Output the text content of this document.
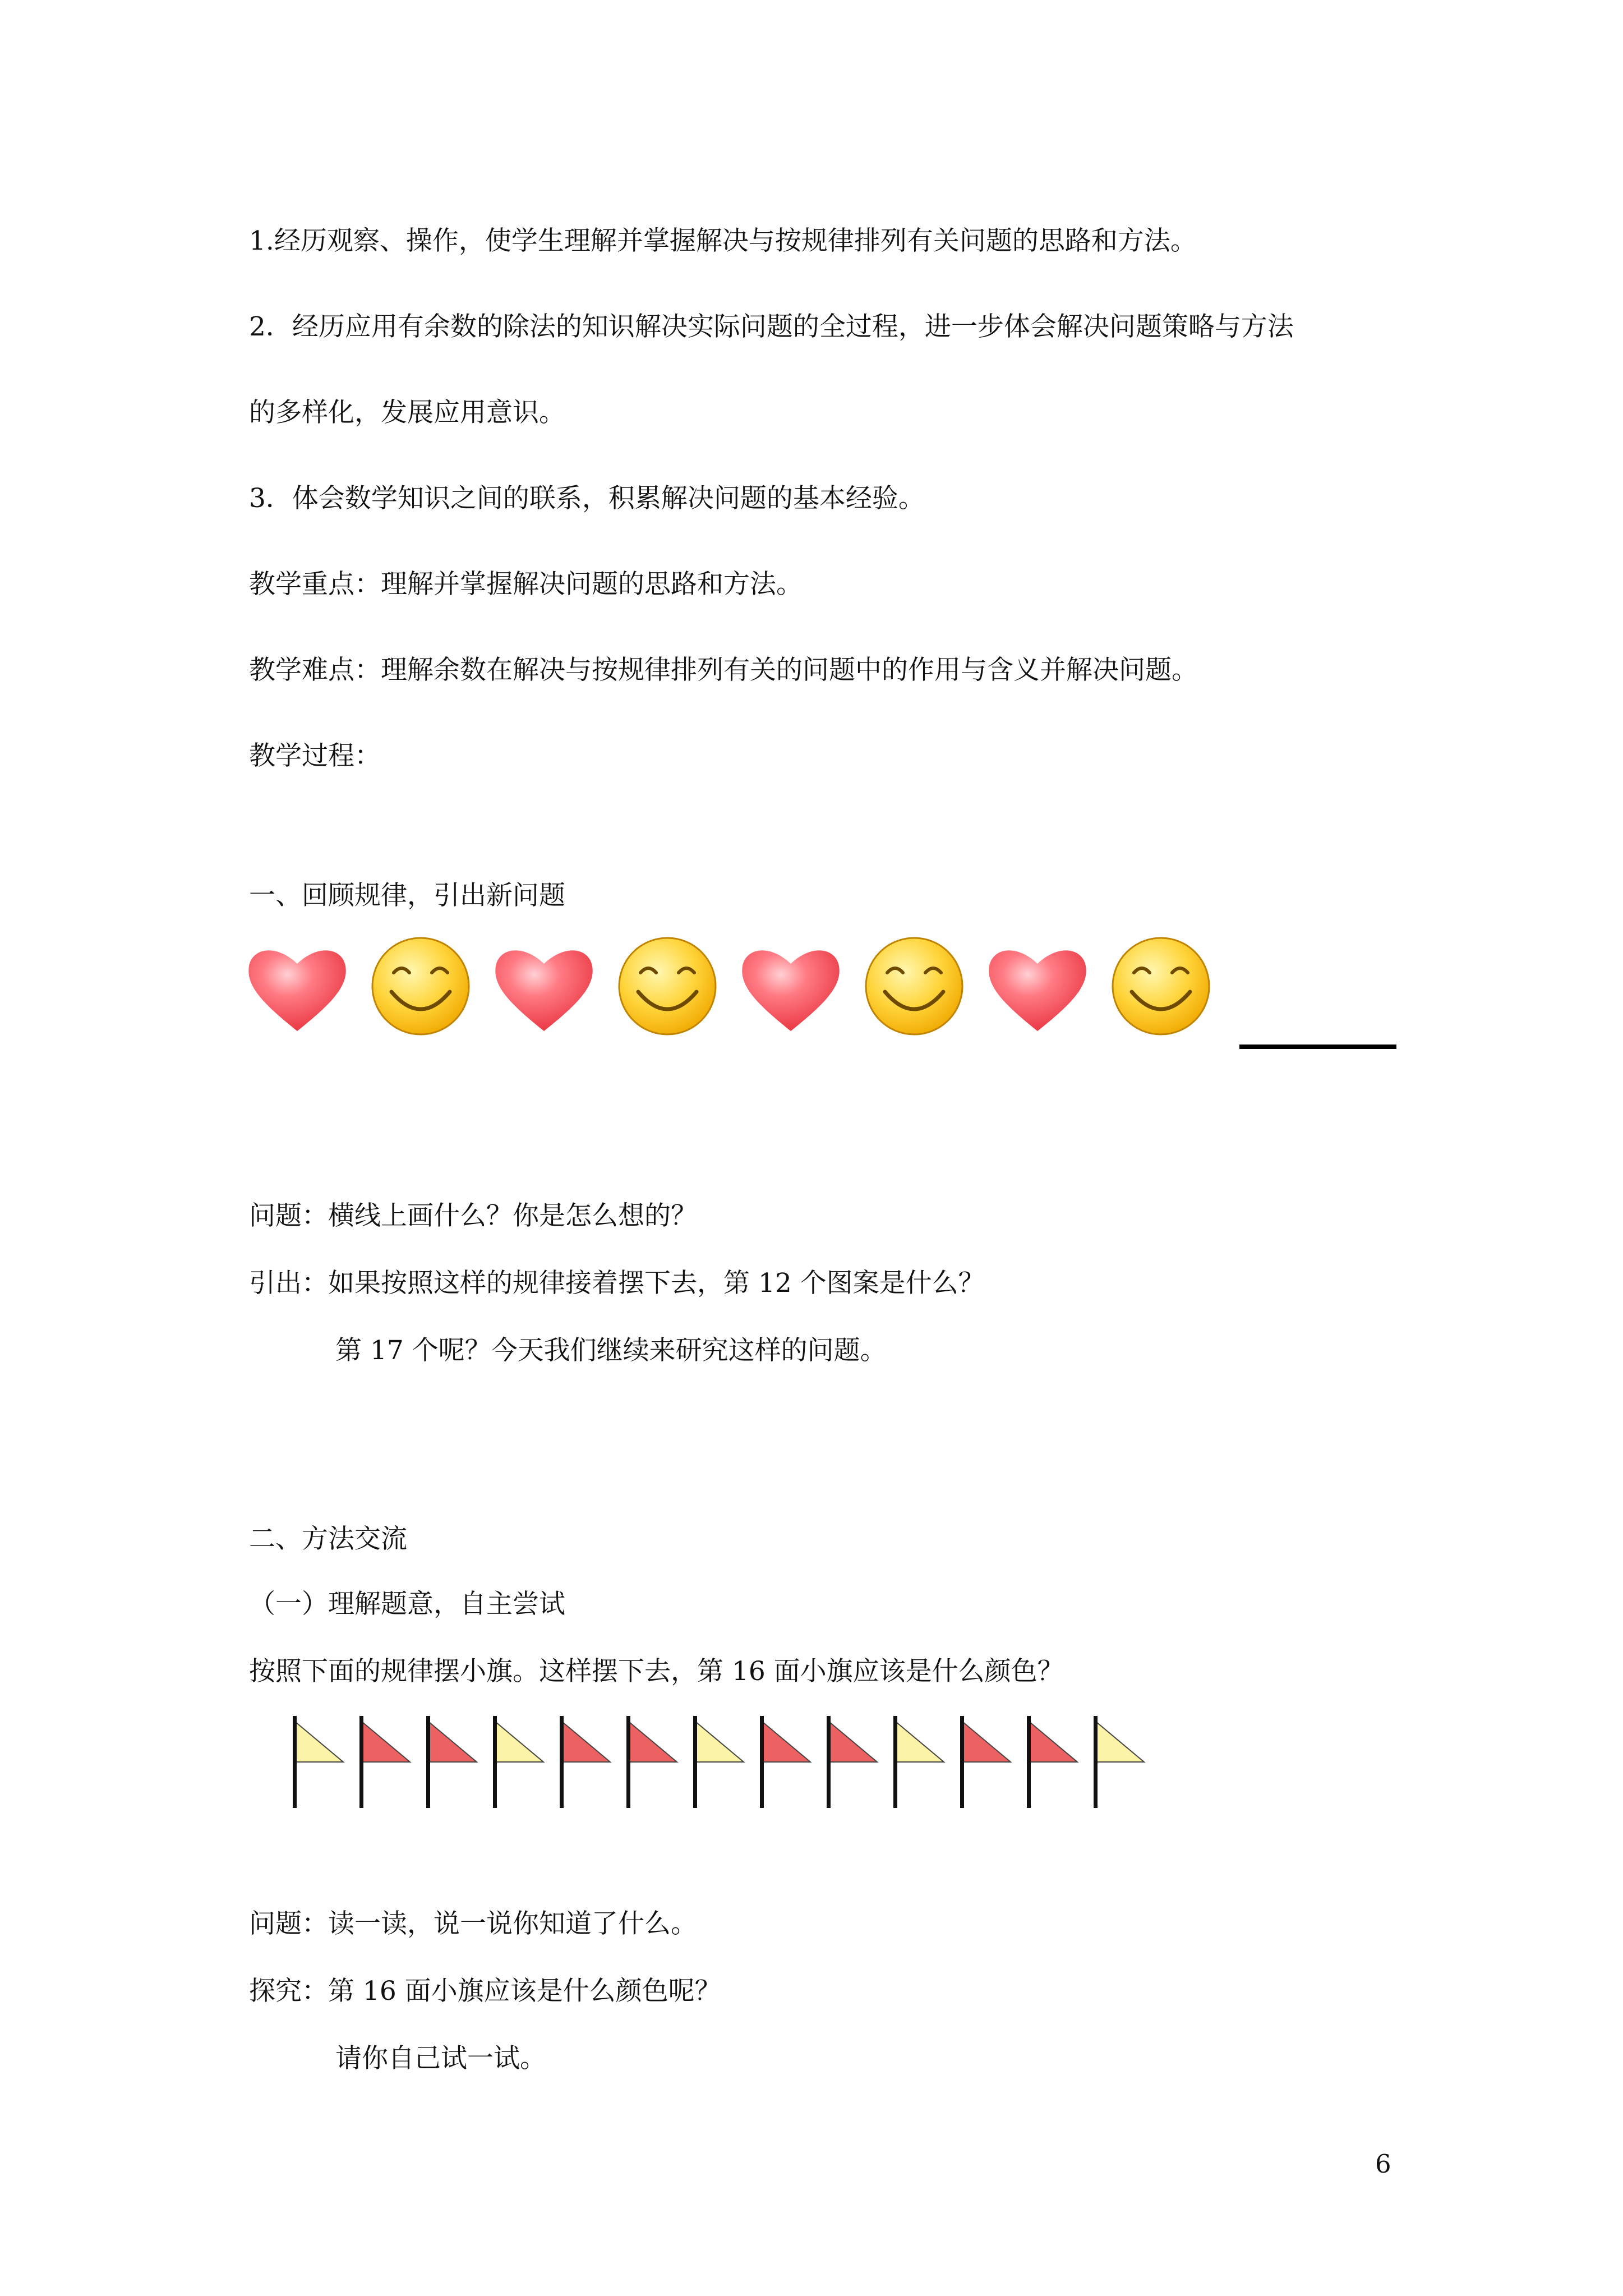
1.经历观察、操作，使学生理解并掌握解决与按规律排列有关问题的思路和方法。

2．经历应用有余数的除法的知识解决实际问题的全过程，进一步体会解决问题策略与方法

的多样化，发展应用意识。

3．体会数学知识之间的联系，积累解决问题的基本经验。

教学重点：理解并掌握解决问题的思路和方法。

教学难点：理解余数在解决与按规律排列有关的问题中的作用与含义并解决问题。

教学过程：

一、回顾规律，引出新问题

问题：横线上画什么？你是怎么想的？

引出：如果按照这样的规律接着摆下去，第 12 个图案是什么？

第 17 个呢？今天我们继续来研究这样的问题。

二、方法交流

（一）理解题意，自主尝试

按照下面的规律摆小旗。这样摆下去，第 16 面小旗应该是什么颜色？

问题：读一读，说一说你知道了什么。

探究：第 16 面小旗应该是什么颜色呢？

请你自己试一试。

6
